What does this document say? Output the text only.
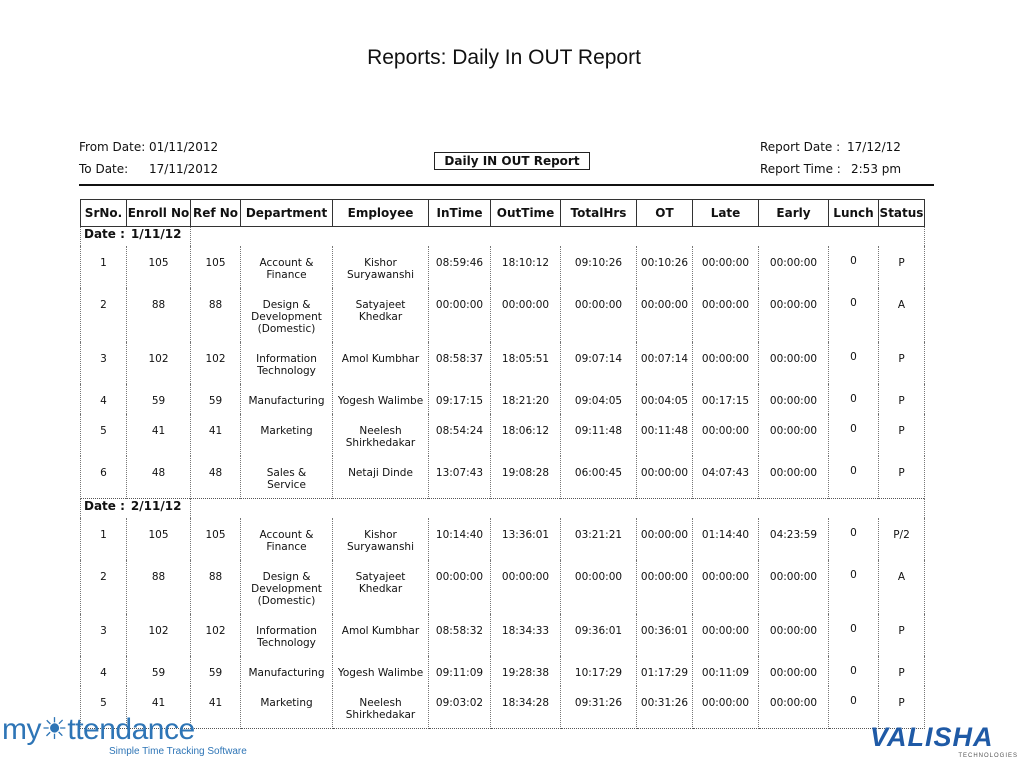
Reports: Daily In OUT Report
From Date: 01/11/2012
To Date: 17/11/2012
Daily IN OUT Report
Report Date : 17/12/12
Report Time : 2:53 pm
SrNo.	Enroll No	Ref No	Department	Employee	InTime	OutTime	TotalHrs	OT	Late	Early	Lunch	Status
Date : 1/11/12												
1	105	105	Account &
Finance	Kishor Suryawanshi	08:59:46	18:10:12	09:10:26	00:10:26	00:00:00	00:00:00	0	P
2	88	88	Design &
Development
(Domestic)	Satyajeet Khedkar	00:00:00	00:00:00	00:00:00	00:00:00	00:00:00	00:00:00	0	A
3	102	102	Information
Technology	Amol Kumbhar	08:58:37	18:05:51	09:07:14	00:07:14	00:00:00	00:00:00	0	P
4	59	59	Manufacturing	Yogesh Walimbe	09:17:15	18:21:20	09:04:05	00:04:05	00:17:15	00:00:00	0	P
5	41	41	Marketing	Neelesh
Shirkhedakar	08:54:24	18:06:12	09:11:48	00:11:48	00:00:00	00:00:00	0	P
6	48	48	Sales &
Service	Netaji Dinde	13:07:43	19:08:28	06:00:45	00:00:00	04:07:43	00:00:00	0	P
Date : 2/11/12												
1	105	105	Account &
Finance	Kishor Suryawanshi	10:14:40	13:36:01	03:21:21	00:00:00	01:14:40	04:23:59	0	P/2
2	88	88	Design &
Development
(Domestic)	Satyajeet Khedkar	00:00:00	00:00:00	00:00:00	00:00:00	00:00:00	00:00:00	0	A
3	102	102	Information
Technology	Amol Kumbhar	08:58:32	18:34:33	09:36:01	00:36:01	00:00:00	00:00:00	0	P
4	59	59	Manufacturing	Yogesh Walimbe	09:11:09	19:28:38	10:17:29	01:17:29	00:11:09	00:00:00	0	P
5	41	41	Marketing	Neelesh
Shirkhedakar	09:03:02	18:34:28	09:31:26	00:31:26	00:00:00	00:00:00	0	P
my☀ttendance
Simple Time Tracking Software	VALISHA
TECHNOLOGIES
